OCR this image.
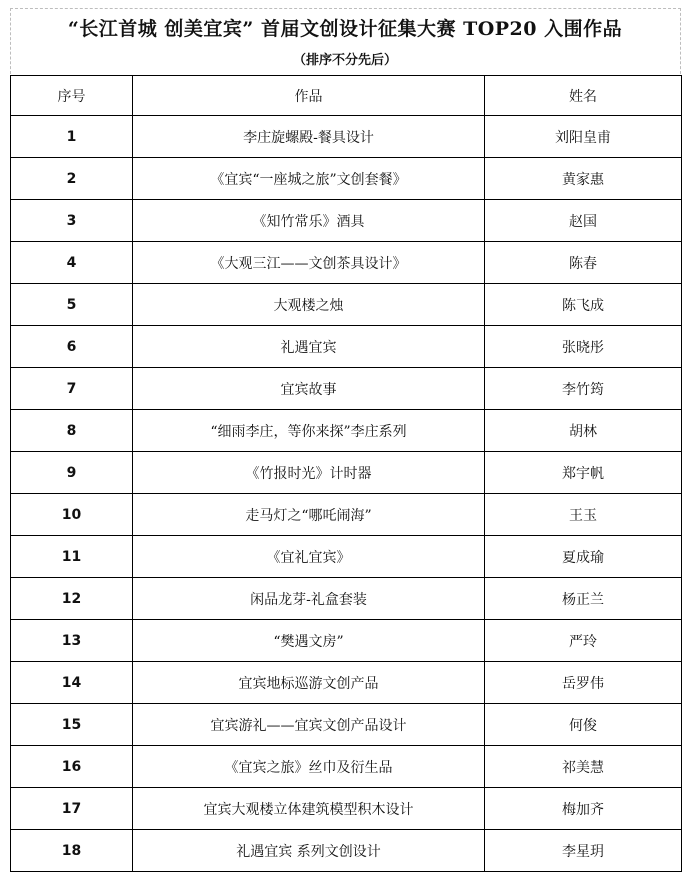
“长江首城 创美宜宾” 首届文创设计征集大赛 TOP20 入围作品
（排序不分先后）
序号	作品	姓名
1	李庄旋螺殿-餐具设计	刘阳皇甫
2	《宜宾“一座城之旅”文创套餐》	黄家惠
3	《知竹常乐》酒具	赵国
4	《大观三江——文创茶具设计》	陈春
5	大观楼之烛	陈飞成
6	礼遇宜宾	张晓彤
7	宜宾故事	李竹筠
8	“细雨李庄，等你来探”李庄系列	胡林
9	《竹报时光》计时器	郑宇帆
10	走马灯之“哪吒闹海”	王玉
11	《宜礼宜宾》	夏成瑜
12	闲品龙芽-礼盒套装	杨正兰
13	“樊遇文房”	严玲
14	宜宾地标巡游文创产品	岳罗伟
15	宜宾游礼——宜宾文创产品设计	何俊
16	《宜宾之旅》丝巾及衍生品	祁美慧
17	宜宾大观楼立体建筑模型积木设计	梅加齐
18	礼遇宜宾 系列文创设计	李星玥
